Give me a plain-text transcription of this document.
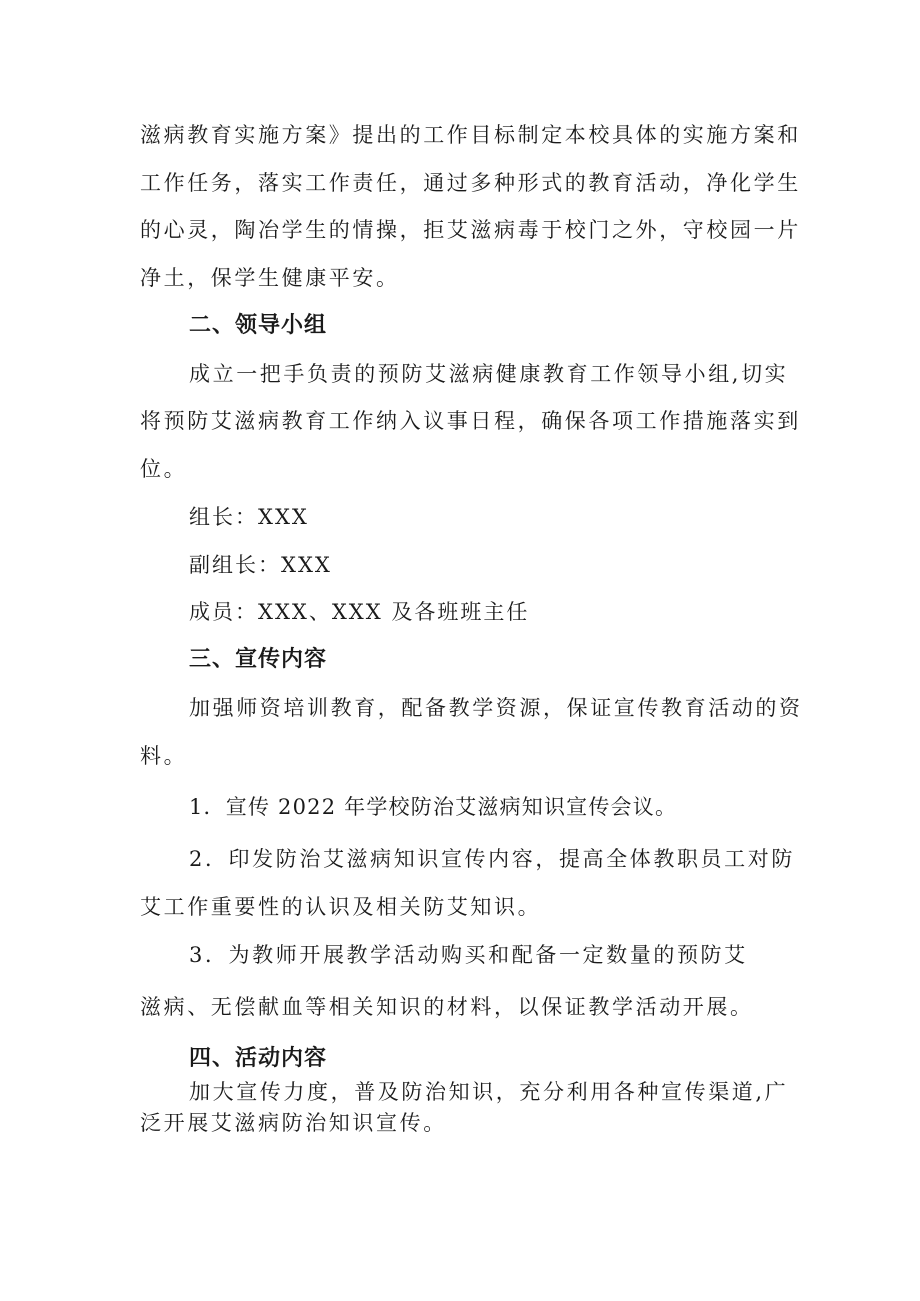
滋病教育实施方案》提出的工作目标制定本校具体的实施方案和
工作任务，落实工作责任，通过多种形式的教育活动，净化学生
的心灵，陶冶学生的情操，拒艾滋病毒于校门之外，守校园一片
净土，保学生健康平安。
二、领导小组
成立一把手负责的预防艾滋病健康教育工作领导小组,切实
将预防艾滋病教育工作纳入议事日程，确保各项工作措施落实到
位。
组长：XXX
副组长：XXX
成员：XXX、XXX 及各班班主任
三、宣传内容
加强师资培训教育，配备教学资源，保证宣传教育活动的资
料。
1．宣传 2022 年学校防治艾滋病知识宣传会议。
2．印发防治艾滋病知识宣传内容，提高全体教职员工对防
艾工作重要性的认识及相关防艾知识。
3．为教师开展教学活动购买和配备一定数量的预防艾
滋病、无偿献血等相关知识的材料，以保证教学活动开展。
四、活动内容
加大宣传力度，普及防治知识，充分利用各种宣传渠道,广
泛开展艾滋病防治知识宣传。
